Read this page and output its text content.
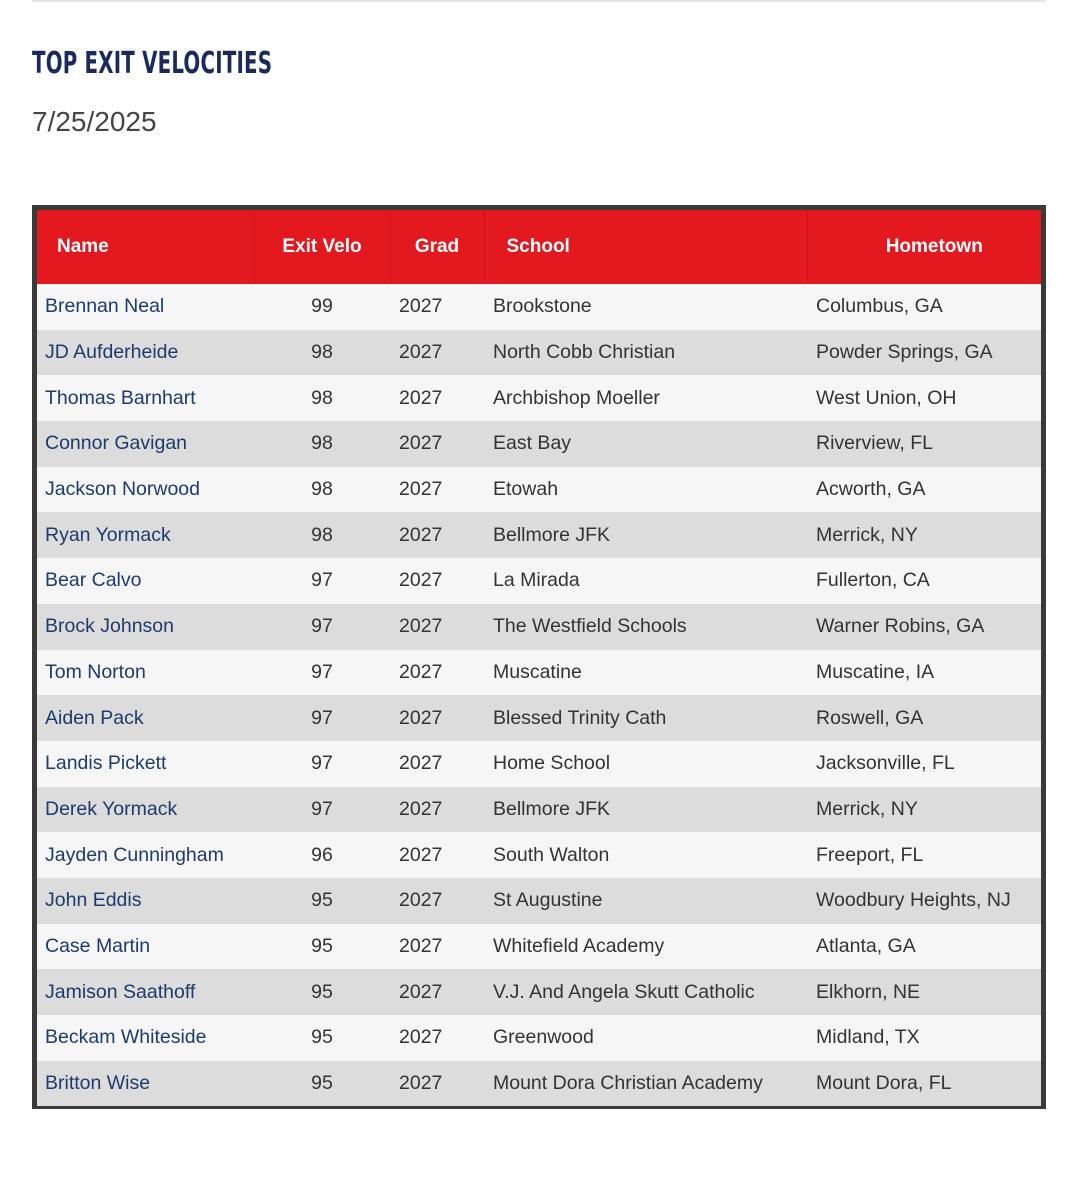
TOP EXIT VELOCITIES
7/25/2025
Name	Exit Velo	Grad	School	Hometown
Brennan Neal	99	2027	Brookstone	Columbus, GA
JD Aufderheide	98	2027	North Cobb Christian	Powder Springs, GA
Thomas Barnhart	98	2027	Archbishop Moeller	West Union, OH
Connor Gavigan	98	2027	East Bay	Riverview, FL
Jackson Norwood	98	2027	Etowah	Acworth, GA
Ryan Yormack	98	2027	Bellmore JFK	Merrick, NY
Bear Calvo	97	2027	La Mirada	Fullerton, CA
Brock Johnson	97	2027	The Westfield Schools	Warner Robins, GA
Tom Norton	97	2027	Muscatine	Muscatine, IA
Aiden Pack	97	2027	Blessed Trinity Cath	Roswell, GA
Landis Pickett	97	2027	Home School	Jacksonville, FL
Derek Yormack	97	2027	Bellmore JFK	Merrick, NY
Jayden Cunningham	96	2027	South Walton	Freeport, FL
John Eddis	95	2027	St Augustine	Woodbury Heights, NJ
Case Martin	95	2027	Whitefield Academy	Atlanta, GA
Jamison Saathoff	95	2027	V.J. And Angela Skutt Catholic	Elkhorn, NE
Beckam Whiteside	95	2027	Greenwood	Midland, TX
Britton Wise	95	2027	Mount Dora Christian Academy	Mount Dora, FL
